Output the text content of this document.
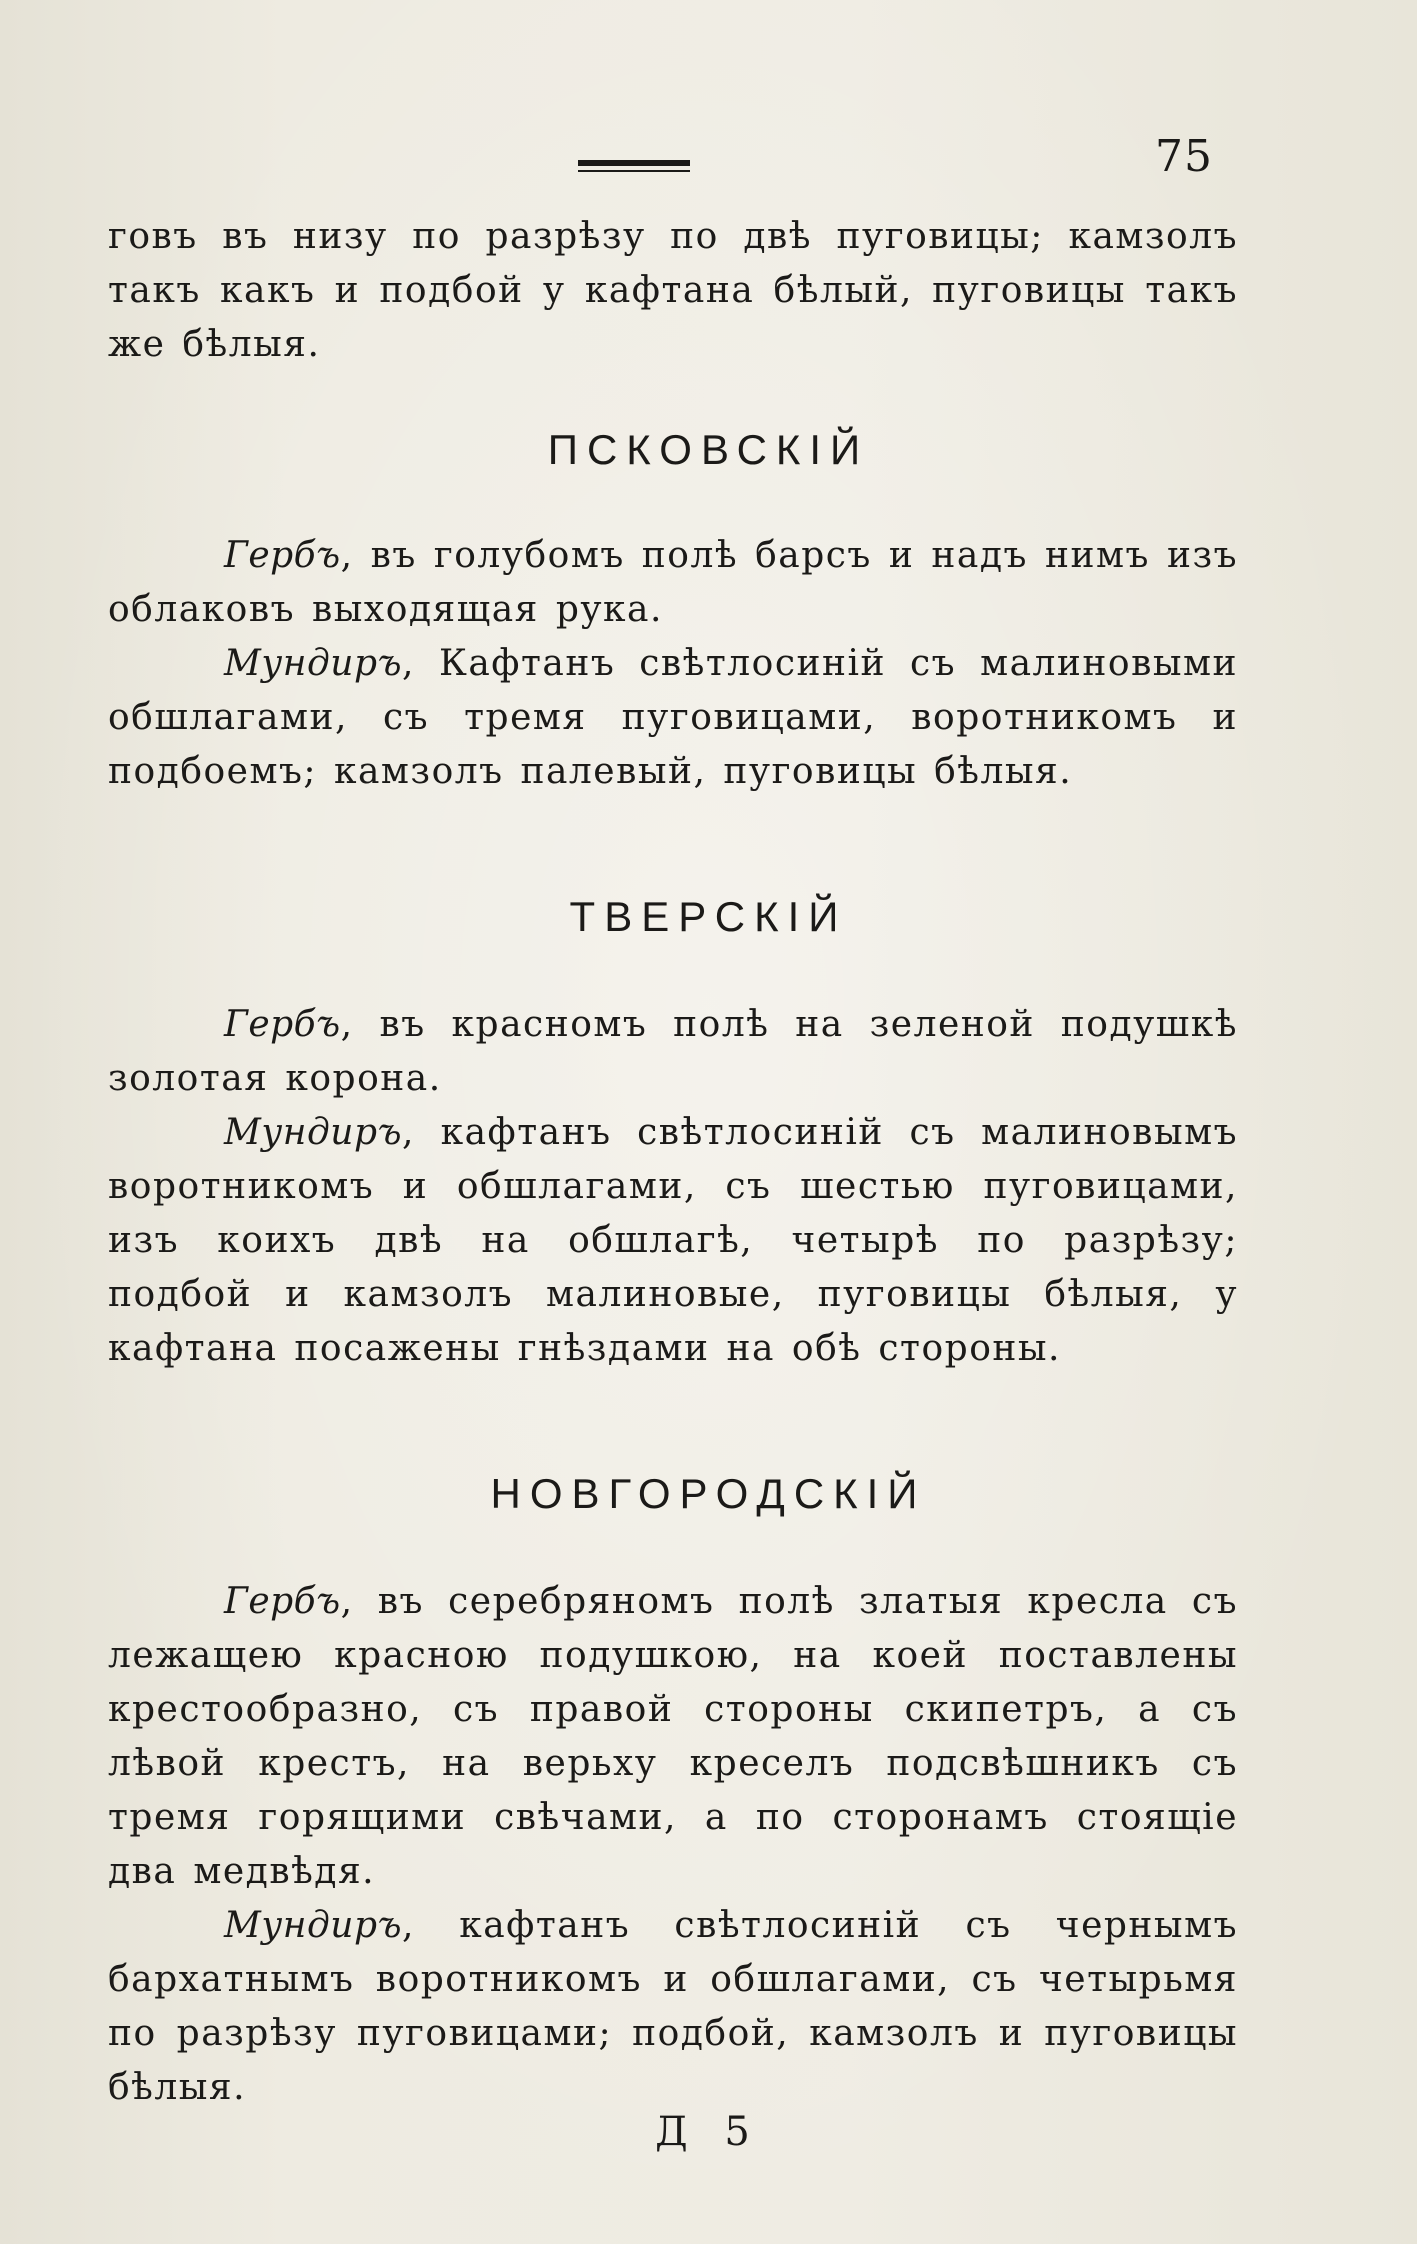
75

говъ въ низу по разрѣзу по двѣ пуговицы; камзолъ такъ какъ и подбой у кафтана бѣлый, пуговицы такъ же бѣлыя.

ПСКОВСКIЙ

Гербъ, въ голубомъ полѣ барсъ и надъ нимъ изъ облаковъ выходящая рука.

Мундиръ, Кафтанъ свѣтлосинiй съ малиновыми обшлагами, съ тремя пуговицами, воротникомъ и подбоемъ; камзолъ палевый, пуговицы бѣлыя.

ТВЕРСКIЙ

Гербъ, въ красномъ полѣ на зеленой подушкѣ золотая корона.

Мундиръ, кафтанъ свѣтлосинiй съ малиновымъ воротникомъ и обшлагами, съ шестью пуговицами, изъ коихъ двѣ на обшлагѣ, четырѣ по разрѣзу; подбой и камзолъ малиновые, пуговицы бѣлыя, у кафтана посажены гнѣздами на обѣ стороны.

НОВГОРОДСКIЙ

Гербъ, въ серебряномъ полѣ златыя кресла съ лежащею красною подушкою, на коей поставлены крестообразно, съ правой стороны скипетръ, а съ лѣвой крестъ, на верьху креселъ подсвѣшникъ съ тремя горящими свѣчами, а по сторонамъ стоящiе два медвѣдя.

Мундиръ, кафтанъ свѣтлосинiй съ чернымъ бархатнымъ воротникомъ и обшлагами, съ четырьмя по разрѣзу пуговицами; подбой, камзолъ и пуговицы бѣлыя.

Д 5
